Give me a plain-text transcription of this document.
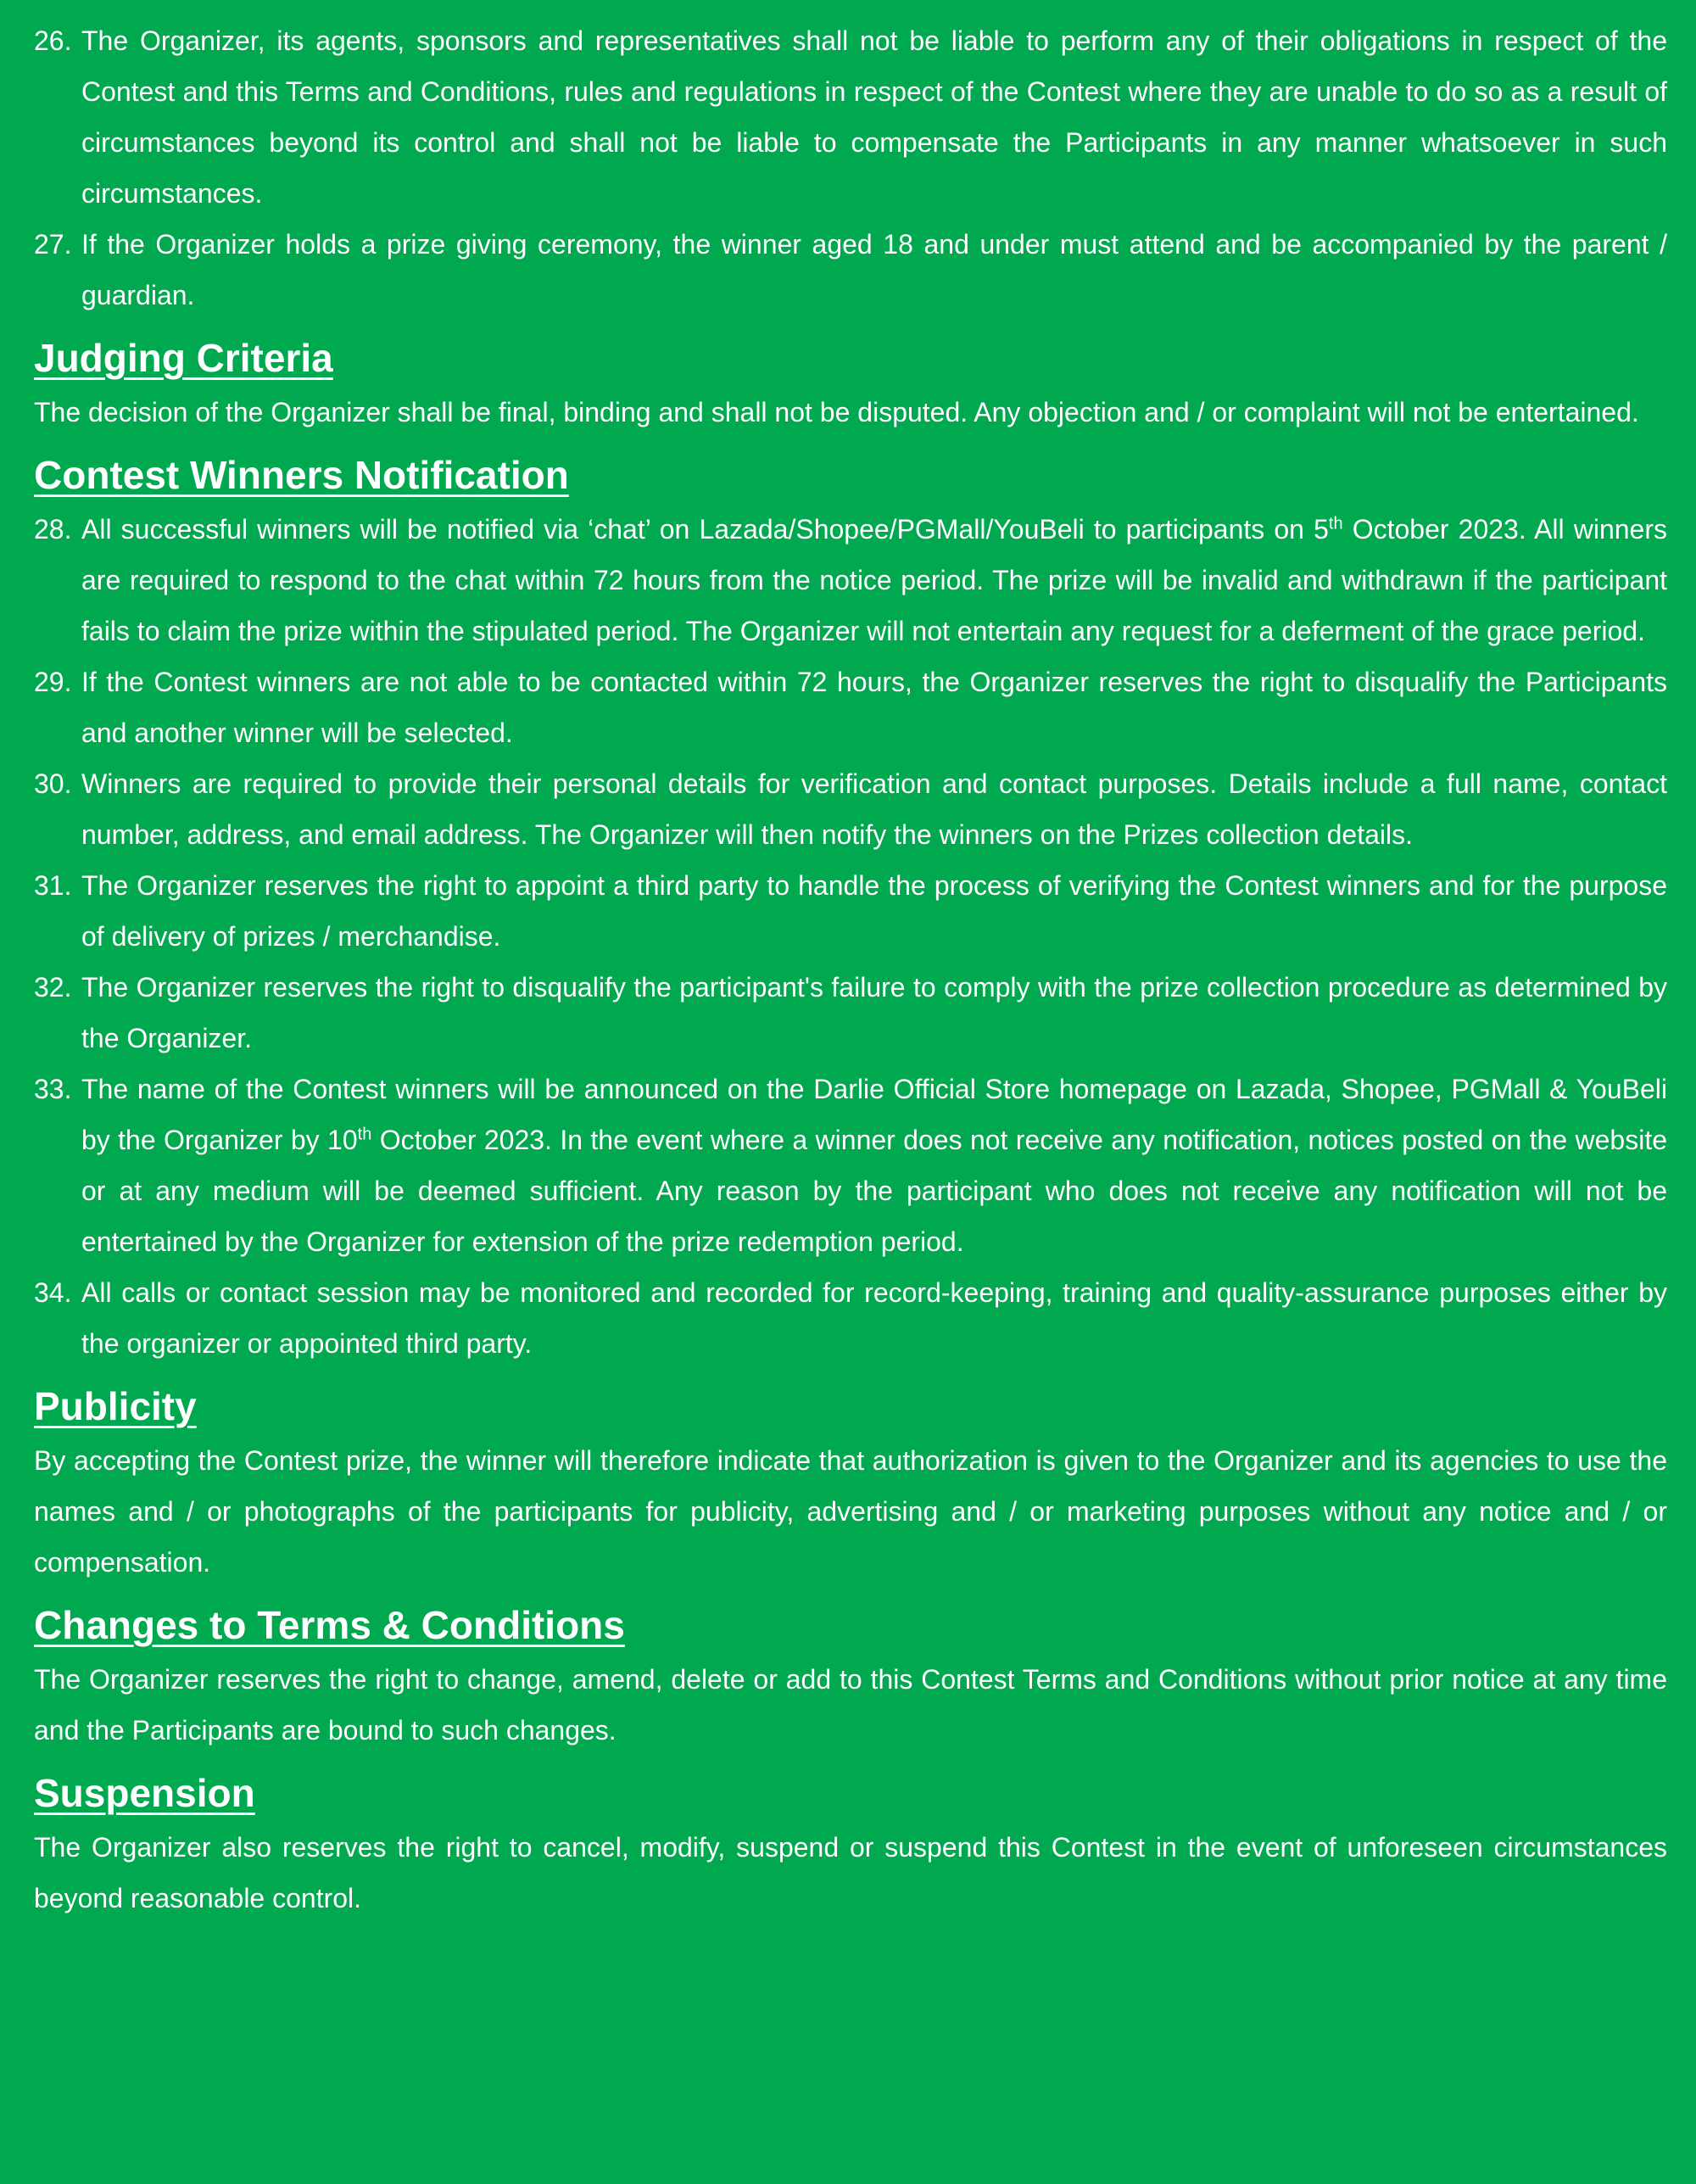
26. The Organizer, its agents, sponsors and representatives shall not be liable to perform any of their obligations in respect of the Contest and this Terms and Conditions, rules and regulations in respect of the Contest where they are unable to do so as a result of circumstances beyond its control and shall not be liable to compensate the Participants in any manner whatsoever in such circumstances.
27. If the Organizer holds a prize giving ceremony, the winner aged 18 and under must attend and be accompanied by the parent / guardian.
Judging Criteria

The decision of the Organizer shall be final, binding and shall not be disputed. Any objection and / or complaint will not be entertained.

Contest Winners Notification
28. All successful winners will be notified via ‘chat’ on Lazada/Shopee/PGMall/YouBeli to participants on 5th October 2023. All winners are required to respond to the chat within 72 hours from the notice period. The prize will be invalid and withdrawn if the participant fails to claim the prize within the stipulated period. The Organizer will not entertain any request for a deferment of the grace period.
29. If the Contest winners are not able to be contacted within 72 hours, the Organizer reserves the right to disqualify the Participants and another winner will be selected.
30. Winners are required to provide their personal details for verification and contact purposes. Details include a full name, contact number, address, and email address. The Organizer will then notify the winners on the Prizes collection details.
31. The Organizer reserves the right to appoint a third party to handle the process of verifying the Contest winners and for the purpose of delivery of prizes / merchandise.
32. The Organizer reserves the right to disqualify the participant's failure to comply with the prize collection procedure as determined by the Organizer.
33. The name of the Contest winners will be announced on the Darlie Official Store homepage on Lazada, Shopee, PGMall & YouBeli by the Organizer by 10th October 2023. In the event where a winner does not receive any notification, notices posted on the website or at any medium will be deemed sufficient. Any reason by the participant who does not receive any notification will not be entertained by the Organizer for extension of the prize redemption period.
34. All calls or contact session may be monitored and recorded for record-keeping, training and quality-assurance purposes either by the organizer or appointed third party.
Publicity

By accepting the Contest prize, the winner will therefore indicate that authorization is given to the Organizer and its agencies to use the names and / or photographs of the participants for publicity, advertising and / or marketing purposes without any notice and / or compensation.

Changes to Terms & Conditions

The Organizer reserves the right to change, amend, delete or add to this Contest Terms and Conditions without prior notice at any time and the Participants are bound to such changes.

Suspension

The Organizer also reserves the right to cancel, modify, suspend or suspend this Contest in the event of unforeseen circumstances beyond reasonable control.
